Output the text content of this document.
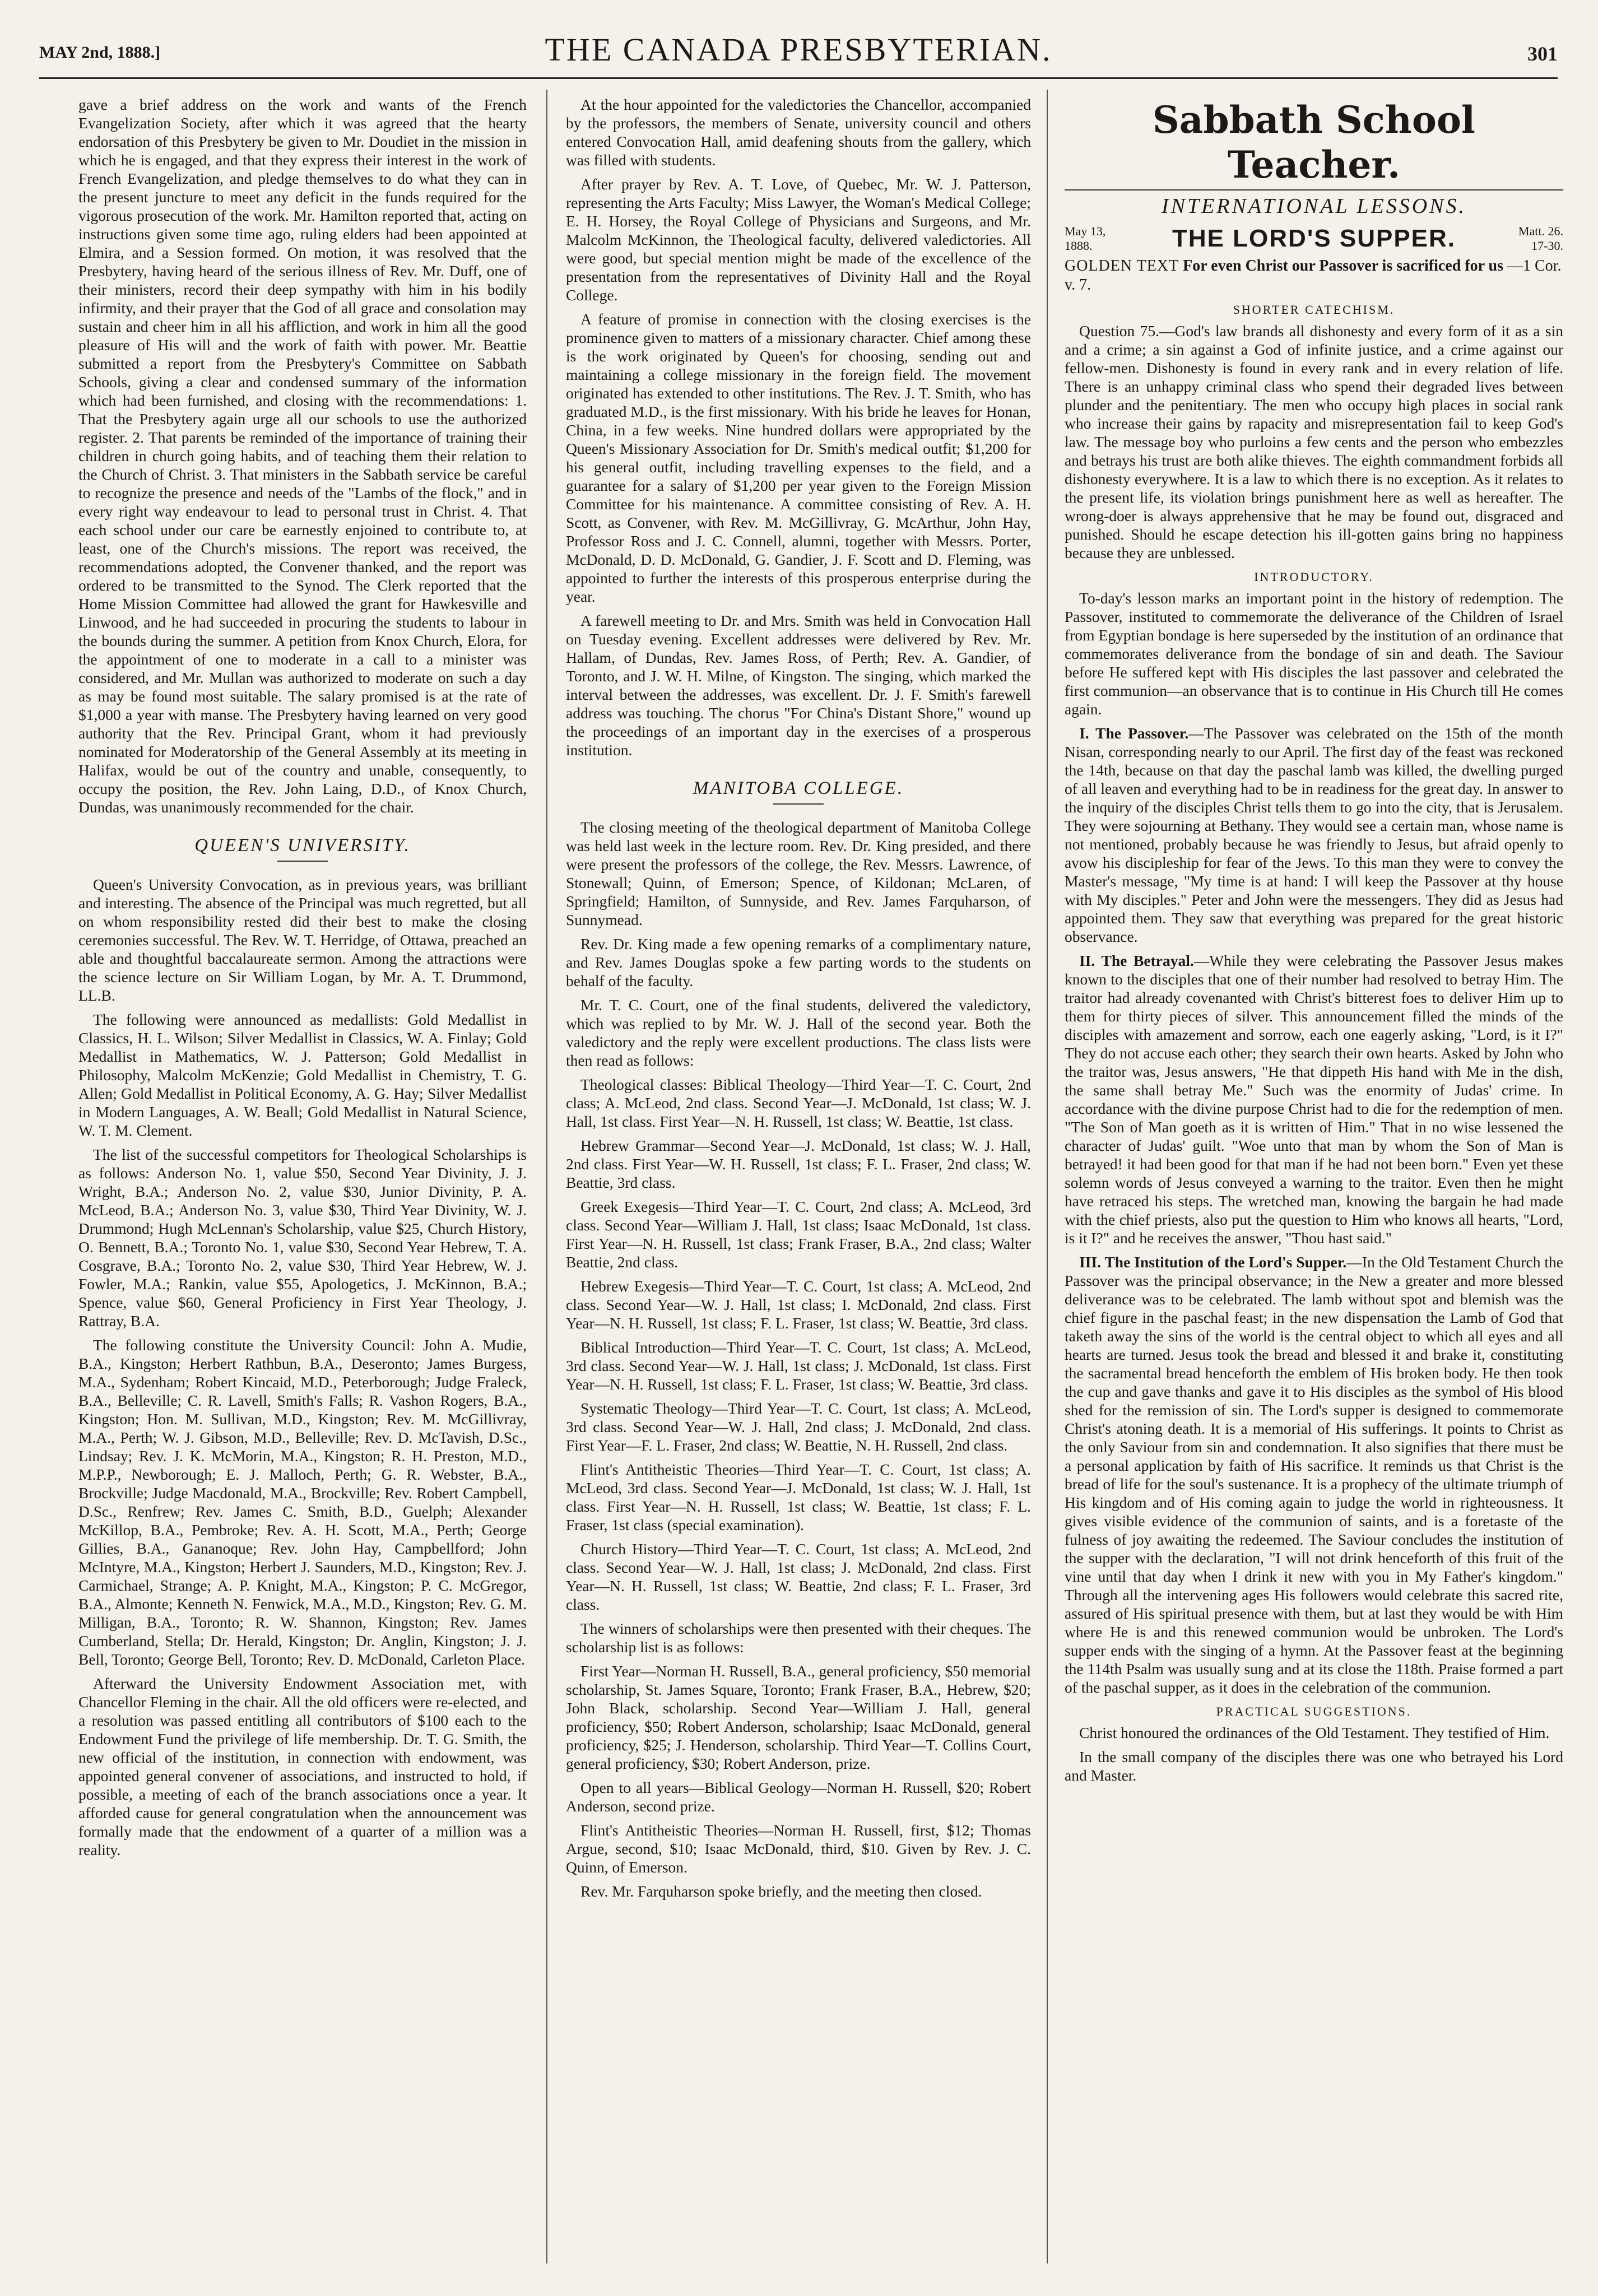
MAY 2nd, 1888.]	THE CANADA PRESBYTERIAN.	301

gave a brief address on the work and wants of the French Evangelization Society, after which it was agreed that the hearty endorsation of this Presbytery be given to Mr. Doudiet in the mission in which he is engaged, and that they express their interest in the work of French Evangelization, and pledge themselves to do what they can in the present juncture to meet any deficit in the funds required for the vigorous prosecution of the work. Mr. Hamilton reported that, acting on instructions given some time ago, ruling elders had been appointed at Elmira, and a Session formed. On motion, it was resolved that the Presbytery, having heard of the serious illness of Rev. Mr. Duff, one of their ministers, record their deep sympathy with him in his bodily infirmity, and their prayer that the God of all grace and consolation may sustain and cheer him in all his affliction, and work in him all the good pleasure of His will and the work of faith with power. Mr. Beattie submitted a report from the Presbytery's Committee on Sabbath Schools, giving a clear and condensed summary of the information which had been furnished, and closing with the recommendations: 1. That the Presbytery again urge all our schools to use the authorized register. 2. That parents be reminded of the importance of training their children in church going habits, and of teaching them their relation to the Church of Christ. 3. That ministers in the Sabbath service be careful to recognize the presence and needs of the "Lambs of the flock," and in every right way endeavour to lead to personal trust in Christ. 4. That each school under our care be earnestly enjoined to contribute to, at least, one of the Church's missions. The report was received, the recommendations adopted, the Convener thanked, and the report was ordered to be transmitted to the Synod. The Clerk reported that the Home Mission Committee had allowed the grant for Hawkesville and Linwood, and he had succeeded in procuring the students to labour in the bounds during the summer. A petition from Knox Church, Elora, for the appointment of one to moderate in a call to a minister was considered, and Mr. Mullan was authorized to moderate on such a day as may be found most suitable. The salary promised is at the rate of $1,000 a year with manse. The Presbytery having learned on very good authority that the Rev. Principal Grant, whom it had previously nominated for Moderatorship of the General Assembly at its meeting in Halifax, would be out of the country and unable, consequently, to occupy the position, the Rev. John Laing, D.D., of Knox Church, Dundas, was unanimously recommended for the chair.

QUEEN'S UNIVERSITY.

Queen's University Convocation, as in previous years, was brilliant and interesting. The absence of the Principal was much regretted, but all on whom responsibility rested did their best to make the closing ceremonies successful. The Rev. W. T. Herridge, of Ottawa, preached an able and thoughtful baccalaureate sermon. Among the attractions were the science lecture on Sir William Logan, by Mr. A. T. Drummond, LL.B.

The following were announced as medallists: Gold Medallist in Classics, H. L. Wilson; Silver Medallist in Classics, W. A. Finlay; Gold Medallist in Mathematics, W. J. Patterson; Gold Medallist in Philosophy, Malcolm McKenzie; Gold Medallist in Chemistry, T. G. Allen; Gold Medallist in Political Economy, A. G. Hay; Silver Medallist in Modern Languages, A. W. Beall; Gold Medallist in Natural Science, W. T. M. Clement.

The list of the successful competitors for Theological Scholarships is as follows: Anderson No. 1, value $50, Second Year Divinity, J. J. Wright, B.A.; Anderson No. 2, value $30, Junior Divinity, P. A. McLeod, B.A.; Anderson No. 3, value $30, Third Year Divinity, W. J. Drummond; Hugh McLennan's Scholarship, value $25, Church History, O. Bennett, B.A.; Toronto No. 1, value $30, Second Year Hebrew, T. A. Cosgrave, B.A.; Toronto No. 2, value $30, Third Year Hebrew, W. J. Fowler, M.A.; Rankin, value $55, Apologetics, J. McKinnon, B.A.; Spence, value $60, General Proficiency in First Year Theology, J. Rattray, B.A.

The following constitute the University Council: John A. Mudie, B.A., Kingston; Herbert Rathbun, B.A., Deseronto; James Burgess, M.A., Sydenham; Robert Kincaid, M.D., Peterborough; Judge Fraleck, B.A., Belleville; C. R. Lavell, Smith's Falls; R. Vashon Rogers, B.A., Kingston; Hon. M. Sullivan, M.D., Kingston; Rev. M. McGillivray, M.A., Perth; W. J. Gibson, M.D., Belleville; Rev. D. McTavish, D.Sc., Lindsay; Rev. J. K. McMorin, M.A., Kingston; R. H. Preston, M.D., M.P.P., Newborough; E. J. Malloch, Perth; G. R. Webster, B.A., Brockville; Judge Macdonald, M.A., Brockville; Rev. Robert Campbell, D.Sc., Renfrew; Rev. James C. Smith, B.D., Guelph; Alexander McKillop, B.A., Pembroke; Rev. A. H. Scott, M.A., Perth; George Gillies, B.A., Gananoque; Rev. John Hay, Campbellford; John McIntyre, M.A., Kingston; Herbert J. Saunders, M.D., Kingston; Rev. J. Carmichael, Strange; A. P. Knight, M.A., Kingston; P. C. McGregor, B.A., Almonte; Kenneth N. Fenwick, M.A., M.D., Kingston; Rev. G. M. Milligan, B.A., Toronto; R. W. Shannon, Kingston; Rev. James Cumberland, Stella; Dr. Herald, Kingston; Dr. Anglin, Kingston; J. J. Bell, Toronto; George Bell, Toronto; Rev. D. McDonald, Carleton Place.

Afterward the University Endowment Association met, with Chancellor Fleming in the chair. All the old officers were re-elected, and a resolution was passed entitling all contributors of $100 each to the Endowment Fund the privilege of life membership. Dr. T. G. Smith, the new official of the institution, in connection with endowment, was appointed general convener of associations, and instructed to hold, if possible, a meeting of each of the branch associations once a year. It afforded cause for general congratulation when the announcement was formally made that the endowment of a quarter of a million was a reality.

At the hour appointed for the valedictories the Chancellor, accompanied by the professors, the members of Senate, university council and others entered Convocation Hall, amid deafening shouts from the gallery, which was filled with students.

After prayer by Rev. A. T. Love, of Quebec, Mr. W. J. Patterson, representing the Arts Faculty; Miss Lawyer, the Woman's Medical College; E. H. Horsey, the Royal College of Physicians and Surgeons, and Mr. Malcolm McKinnon, the Theological faculty, delivered valedictories. All were good, but special mention might be made of the excellence of the presentation from the representatives of Divinity Hall and the Royal College.

A feature of promise in connection with the closing exercises is the prominence given to matters of a missionary character. Chief among these is the work originated by Queen's for choosing, sending out and maintaining a college missionary in the foreign field. The movement originated has extended to other institutions. The Rev. J. T. Smith, who has graduated M.D., is the first missionary. With his bride he leaves for Honan, China, in a few weeks. Nine hundred dollars were appropriated by the Queen's Missionary Association for Dr. Smith's medical outfit; $1,200 for his general outfit, including travelling expenses to the field, and a guarantee for a salary of $1,200 per year given to the Foreign Mission Committee for his maintenance. A committee consisting of Rev. A. H. Scott, as Convener, with Rev. M. McGillivray, G. McArthur, John Hay, Professor Ross and J. C. Connell, alumni, together with Messrs. Porter, McDonald, D. D. McDonald, G. Gandier, J. F. Scott and D. Fleming, was appointed to further the interests of this prosperous enterprise during the year.

A farewell meeting to Dr. and Mrs. Smith was held in Convocation Hall on Tuesday evening. Excellent addresses were delivered by Rev. Mr. Hallam, of Dundas, Rev. James Ross, of Perth; Rev. A. Gandier, of Toronto, and J. W. H. Milne, of Kingston. The singing, which marked the interval between the addresses, was excellent. Dr. J. F. Smith's farewell address was touching. The chorus "For China's Distant Shore," wound up the proceedings of an important day in the exercises of a prosperous institution.

MANITOBA COLLEGE.

The closing meeting of the theological department of Manitoba College was held last week in the lecture room. Rev. Dr. King presided, and there were present the professors of the college, the Rev. Messrs. Lawrence, of Stonewall; Quinn, of Emerson; Spence, of Kildonan; McLaren, of Springfield; Hamilton, of Sunnyside, and Rev. James Farquharson, of Sunnymead.

Rev. Dr. King made a few opening remarks of a complimentary nature, and Rev. James Douglas spoke a few parting words to the students on behalf of the faculty.

Mr. T. C. Court, one of the final students, delivered the valedictory, which was replied to by Mr. W. J. Hall of the second year. Both the valedictory and the reply were excellent productions. The class lists were then read as follows:

Theological classes: Biblical Theology—Third Year—T. C. Court, 2nd class; A. McLeod, 2nd class. Second Year—J. McDonald, 1st class; W. J. Hall, 1st class. First Year—N. H. Russell, 1st class; W. Beattie, 1st class.

Hebrew Grammar—Second Year—J. McDonald, 1st class; W. J. Hall, 2nd class. First Year—W. H. Russell, 1st class; F. L. Fraser, 2nd class; W. Beattie, 3rd class.

Greek Exegesis—Third Year—T. C. Court, 2nd class; A. McLeod, 3rd class. Second Year—William J. Hall, 1st class; Isaac McDonald, 1st class. First Year—N. H. Russell, 1st class; Frank Fraser, B.A., 2nd class; Walter Beattie, 2nd class.

Hebrew Exegesis—Third Year—T. C. Court, 1st class; A. McLeod, 2nd class. Second Year—W. J. Hall, 1st class; I. McDonald, 2nd class. First Year—N. H. Russell, 1st class; F. L. Fraser, 1st class; W. Beattie, 3rd class.

Biblical Introduction—Third Year—T. C. Court, 1st class; A. McLeod, 3rd class. Second Year—W. J. Hall, 1st class; J. McDonald, 1st class. First Year—N. H. Russell, 1st class; F. L. Fraser, 1st class; W. Beattie, 3rd class.

Systematic Theology—Third Year—T. C. Court, 1st class; A. McLeod, 3rd class. Second Year—W. J. Hall, 2nd class; J. McDonald, 2nd class. First Year—F. L. Fraser, 2nd class; W. Beattie, N. H. Russell, 2nd class.

Flint's Antitheistic Theories—Third Year—T. C. Court, 1st class; A. McLeod, 3rd class. Second Year—J. McDonald, 1st class; W. J. Hall, 1st class. First Year—N. H. Russell, 1st class; W. Beattie, 1st class; F. L. Fraser, 1st class (special examination).

Church History—Third Year—T. C. Court, 1st class; A. McLeod, 2nd class. Second Year—W. J. Hall, 1st class; J. McDonald, 2nd class. First Year—N. H. Russell, 1st class; W. Beattie, 2nd class; F. L. Fraser, 3rd class.

The winners of scholarships were then presented with their cheques. The scholarship list is as follows:

First Year—Norman H. Russell, B.A., general proficiency, $50 memorial scholarship, St. James Square, Toronto; Frank Fraser, B.A., Hebrew, $20; John Black, scholarship. Second Year—William J. Hall, general proficiency, $50; Robert Anderson, scholarship; Isaac McDonald, general proficiency, $25; J. Henderson, scholarship. Third Year—T. Collins Court, general proficiency, $30; Robert Anderson, prize.

Open to all years—Biblical Geology—Norman H. Russell, $20; Robert Anderson, second prize.

Flint's Antitheistic Theories—Norman H. Russell, first, $12; Thomas Argue, second, $10; Isaac McDonald, third, $10. Given by Rev. J. C. Quinn, of Emerson.

Rev. Mr. Farquharson spoke briefly, and the meeting then closed.

Sabbath School Teacher.
INTERNATIONAL LESSONS.
May 13, 1888.	THE LORD'S SUPPER.	Matt. 26. 17-30.
GOLDEN TEXT For even Christ our Passover is sacrificed for us —1 Cor. v. 7.
SHORTER CATECHISM.

Question 75.—God's law brands all dishonesty and every form of it as a sin and a crime; a sin against a God of infinite justice, and a crime against our fellow-men. Dishonesty is found in every rank and in every relation of life. There is an unhappy criminal class who spend their degraded lives between plunder and the penitentiary. The men who occupy high places in social rank who increase their gains by rapacity and misrepresentation fail to keep God's law. The message boy who purloins a few cents and the person who embezzles and betrays his trust are both alike thieves. The eighth commandment forbids all dishonesty everywhere. It is a law to which there is no exception. As it relates to the present life, its violation brings punishment here as well as hereafter. The wrong-doer is always apprehensive that he may be found out, disgraced and punished. Should he escape detection his ill-gotten gains bring no happiness because they are unblessed.

INTRODUCTORY.

To-day's lesson marks an important point in the history of redemption. The Passover, instituted to commemorate the deliverance of the Children of Israel from Egyptian bondage is here superseded by the institution of an ordinance that commemorates deliverance from the bondage of sin and death. The Saviour before He suffered kept with His disciples the last passover and celebrated the first communion—an observance that is to continue in His Church till He comes again.

I. The Passover.—The Passover was celebrated on the 15th of the month Nisan, corresponding nearly to our April. The first day of the feast was reckoned the 14th, because on that day the paschal lamb was killed, the dwelling purged of all leaven and everything had to be in readiness for the great day. In answer to the inquiry of the disciples Christ tells them to go into the city, that is Jerusalem. They were sojourning at Bethany. They would see a certain man, whose name is not mentioned, probably because he was friendly to Jesus, but afraid openly to avow his discipleship for fear of the Jews. To this man they were to convey the Master's message, "My time is at hand: I will keep the Passover at thy house with My disciples." Peter and John were the messengers. They did as Jesus had appointed them. They saw that everything was prepared for the great historic observance.

II. The Betrayal.—While they were celebrating the Passover Jesus makes known to the disciples that one of their number had resolved to betray Him. The traitor had already covenanted with Christ's bitterest foes to deliver Him up to them for thirty pieces of silver. This announcement filled the minds of the disciples with amazement and sorrow, each one eagerly asking, "Lord, is it I?" They do not accuse each other; they search their own hearts. Asked by John who the traitor was, Jesus answers, "He that dippeth His hand with Me in the dish, the same shall betray Me." Such was the enormity of Judas' crime. In accordance with the divine purpose Christ had to die for the redemption of men. "The Son of Man goeth as it is written of Him." That in no wise lessened the character of Judas' guilt. "Woe unto that man by whom the Son of Man is betrayed! it had been good for that man if he had not been born." Even yet these solemn words of Jesus conveyed a warning to the traitor. Even then he might have retraced his steps. The wretched man, knowing the bargain he had made with the chief priests, also put the question to Him who knows all hearts, "Lord, is it I?" and he receives the answer, "Thou hast said."

III. The Institution of the Lord's Supper.—In the Old Testament Church the Passover was the principal observance; in the New a greater and more blessed deliverance was to be celebrated. The lamb without spot and blemish was the chief figure in the paschal feast; in the new dispensation the Lamb of God that taketh away the sins of the world is the central object to which all eyes and all hearts are turned. Jesus took the bread and blessed it and brake it, constituting the sacramental bread henceforth the emblem of His broken body. He then took the cup and gave thanks and gave it to His disciples as the symbol of His blood shed for the remission of sin. The Lord's supper is designed to commemorate Christ's atoning death. It is a memorial of His sufferings. It points to Christ as the only Saviour from sin and condemnation. It also signifies that there must be a personal application by faith of His sacrifice. It reminds us that Christ is the bread of life for the soul's sustenance. It is a prophecy of the ultimate triumph of His kingdom and of His coming again to judge the world in righteousness. It gives visible evidence of the communion of saints, and is a foretaste of the fulness of joy awaiting the redeemed. The Saviour concludes the institution of the supper with the declaration, "I will not drink henceforth of this fruit of the vine until that day when I drink it new with you in My Father's kingdom." Through all the intervening ages His followers would celebrate this sacred rite, assured of His spiritual presence with them, but at last they would be with Him where He is and this renewed communion would be unbroken. The Lord's supper ends with the singing of a hymn. At the Passover feast at the beginning the 114th Psalm was usually sung and at its close the 118th. Praise formed a part of the paschal supper, as it does in the celebration of the communion.

PRACTICAL SUGGESTIONS.

Christ honoured the ordinances of the Old Testament. They testified of Him.

In the small company of the disciples there was one who betrayed his Lord and Master.
